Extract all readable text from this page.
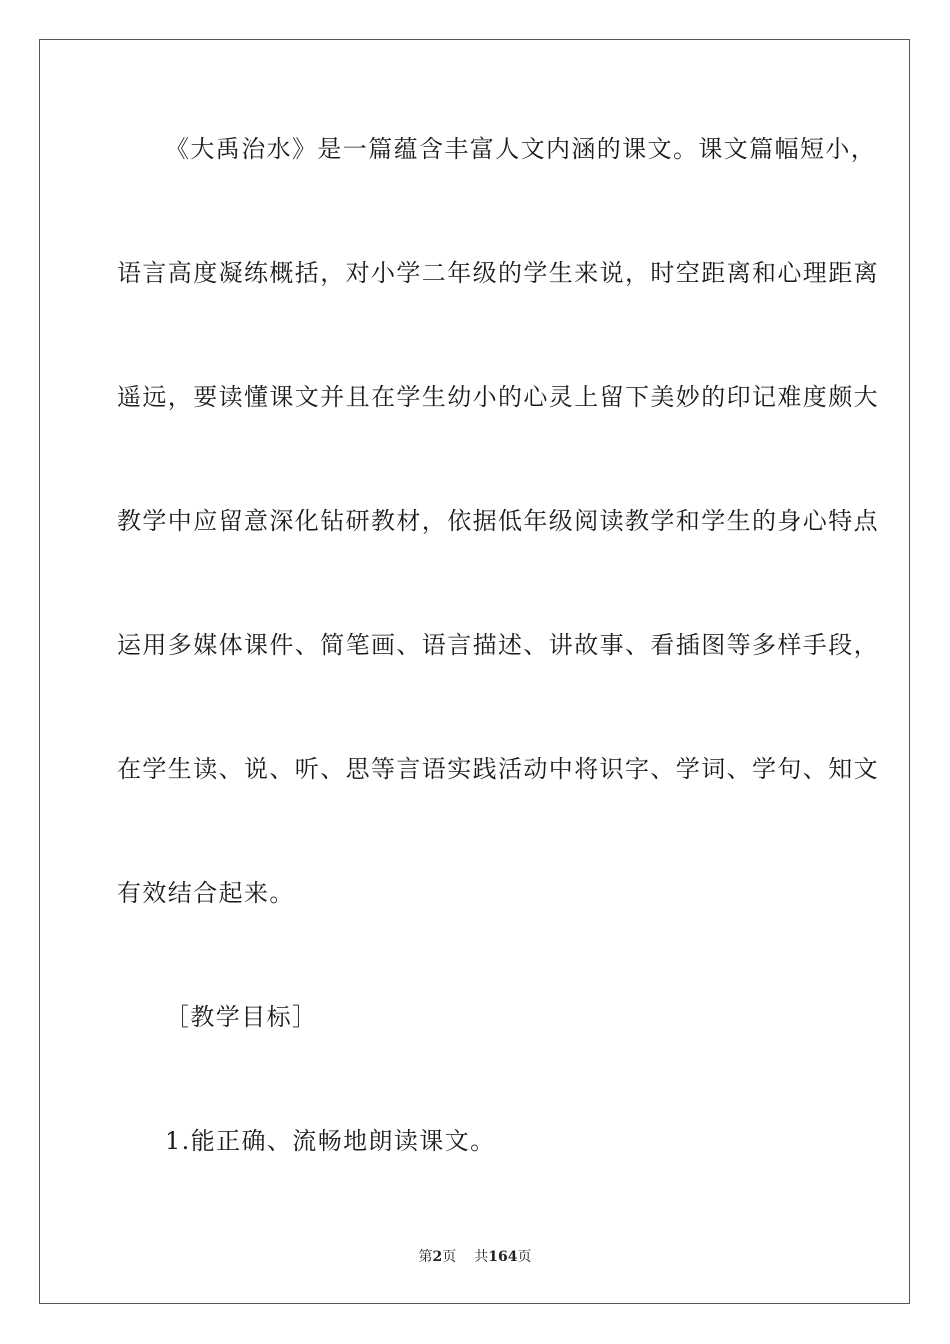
《大禹治水》是一篇蕴含丰富人文内涵的课文。课文篇幅短小，
语言高度凝练概括，对小学二年级的学生来说，时空距离和心理距离
遥远，要读懂课文并且在学生幼小的心灵上留下美妙的印记难度颇大
教学中应留意深化钻研教材，依据低年级阅读教学和学生的身心特点
运用多媒体课件、简笔画、语言描述、讲故事、看插图等多样手段，
在学生读、说、听、思等言语实践活动中将识字、学词、学句、知文
有效结合起来。
［教学目标］
1.能正确、流畅地朗读课文。
第2页 共164页
